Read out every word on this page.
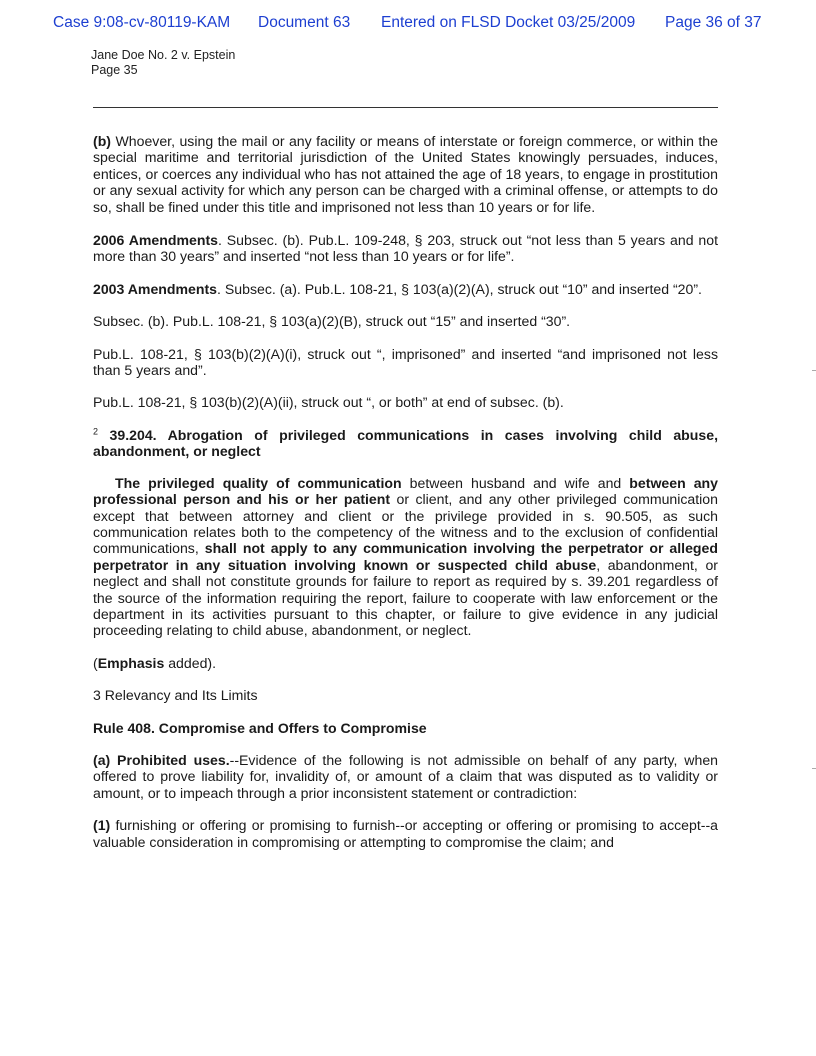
Case 9:08-cv-80119-KAM Document 63 Entered on FLSD Docket 03/25/2009 Page 36 of 37
Jane Doe No. 2 v. Epstein
Page 35

(b) Whoever, using the mail or any facility or means of interstate or foreign commerce, or within the special maritime and territorial jurisdiction of the United States knowingly persuades, induces, entices, or coerces any individual who has not attained the age of 18 years, to engage in prostitution or any sexual activity for which any person can be charged with a criminal offense, or attempts to do so, shall be fined under this title and imprisoned not less than 10 years or for life.

2006 Amendments. Subsec. (b). Pub.L. 109-248, § 203, struck out “not less than 5 years and not more than 30 years” and inserted “not less than 10 years or for life”.

2003 Amendments. Subsec. (a). Pub.L. 108-21, § 103(a)(2)(A), struck out “10” and inserted “20”.

Subsec. (b). Pub.L. 108-21, § 103(a)(2)(B), struck out “15” and inserted “30”.

Pub.L. 108-21, § 103(b)(2)(A)(i), struck out “, imprisoned” and inserted “and imprisoned not less than 5 years and”.

Pub.L. 108-21, § 103(b)(2)(A)(ii), struck out “, or both” at end of subsec. (b).

$^2$ 39.204. Abrogation of privileged communications in cases involving child abuse, abandonment, or neglect

The privileged quality of communication between husband and wife and between any professional person and his or her patient or client, and any other privileged communication except that between attorney and client or the privilege provided in s. 90.505, as such communication relates both to the competency of the witness and to the exclusion of confidential communications, shall not apply to any communication involving the perpetrator or alleged perpetrator in any situation involving known or suspected child abuse, abandonment, or neglect and shall not constitute grounds for failure to report as required by s. 39.201 regardless of the source of the information requiring the report, failure to cooperate with law enforcement or the department in its activities pursuant to this chapter, or failure to give evidence in any judicial proceeding relating to child abuse, abandonment, or neglect.

(Emphasis added).

3 Relevancy and Its Limits

Rule 408. Compromise and Offers to Compromise

(a) Prohibited uses.--Evidence of the following is not admissible on behalf of any party, when offered to prove liability for, invalidity of, or amount of a claim that was disputed as to validity or amount, or to impeach through a prior inconsistent statement or contradiction:

(1) furnishing or offering or promising to furnish--or accepting or offering or promising to accept--a valuable consideration in compromising or attempting to compromise the claim; and
